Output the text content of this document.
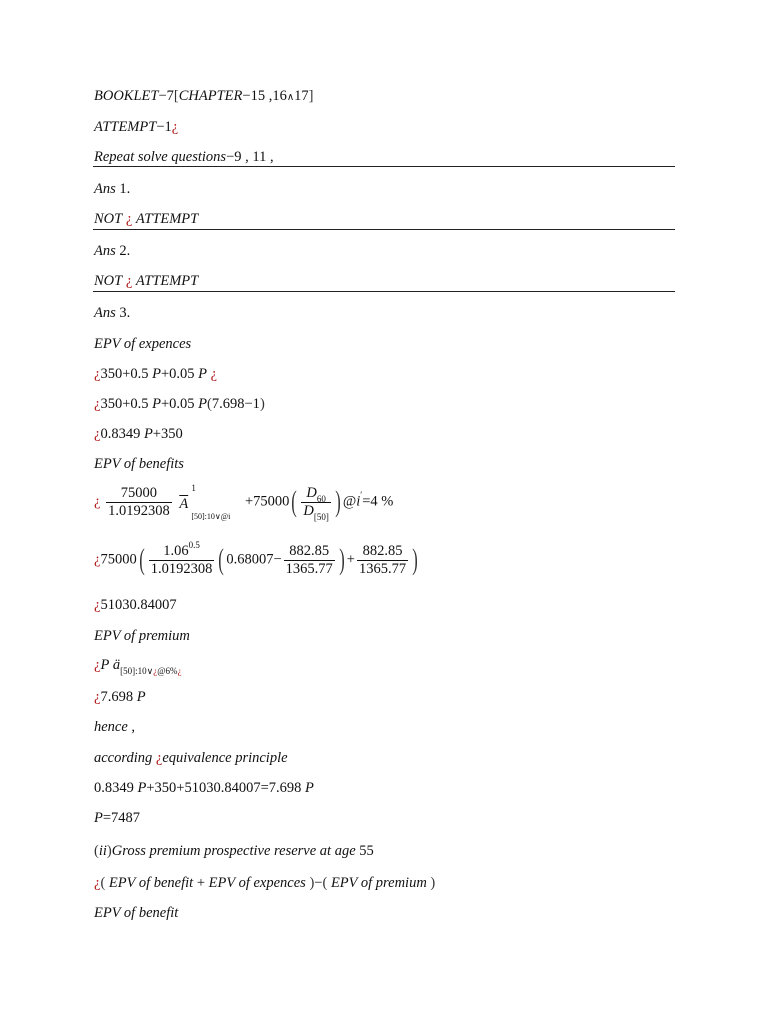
BOOKLET−7[CHAPTER−15 ,16∧17]
ATTEMPT−1¿
Repeat solve questions−9 , 11 ,
Ans 1.
NOT ¿ ATTEMPT
Ans 2.
NOT ¿ ATTEMPT
Ans 3.
EPV of expences
¿350+0.5 P+0.05 P ¿
¿350+0.5 P+0.05 P(7.698−1)
¿0.8349 P+350
EPV of benefits
¿ $\frac{75000}{1.0192308}$
$\overline{A}$
1
[50]:10∨@i
$+75000( \frac{D_{60}}{D_{[50]}}$ ) @i′=4 %
¿$75000( \frac{1.06^{0.5}}{1.0192308}$ ( $0.68007- \frac{882.85}{1365.77}$ ) + $\frac{882.85}{1365.77}$ )
¿51030.84007
EPV of premium
¿P $ä_{[50]:10\vee¿@6\%¿}$
¿7.698 P
hence ,
according ¿equivalence principle
0.8349 P+350+51030.84007=7.698 P
P=7487
(ii)Gross premium prospective reserve at age 55
¿( EPV of benefit + EPV of expences )−( EPV of premium )
EPV of benefit
